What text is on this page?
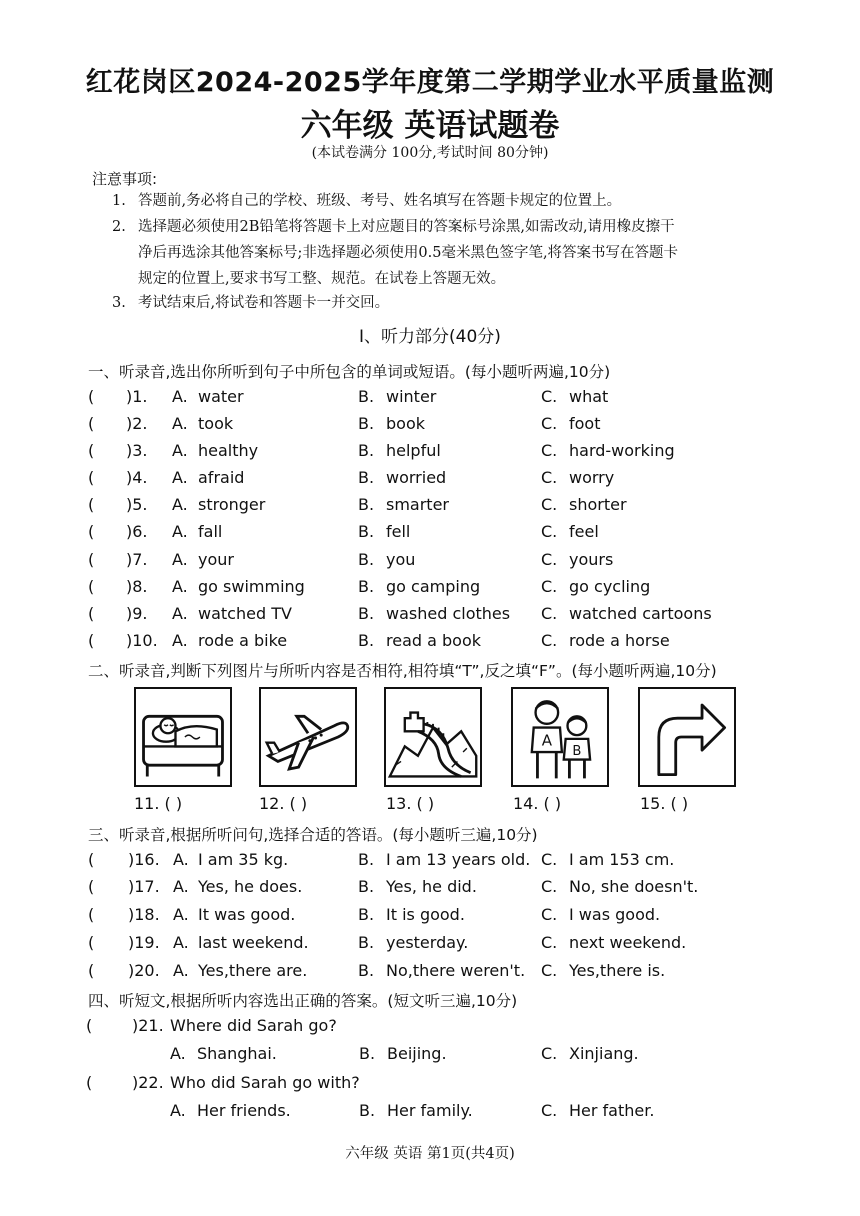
红花岗区2024-2025学年度第二学期学业水平质量监测
六年级 英语试题卷
(本试卷满分 100分,考试时间 80分钟)
注意事项:
1. 答题前,务必将自己的学校、班级、考号、姓名填写在答题卡规定的位置上。
2. 选择题必须使用2B铅笔将答题卡上对应题目的答案标号涂黑,如需改动,请用橡皮擦干
净后再选涂其他答案标号;非选择题必须使用0.5毫米黑色签字笔,将答案书写在答题卡
规定的位置上,要求书写工整、规范。在试卷上答题无效。
3. 考试结束后,将试卷和答题卡一并交回。
Ⅰ、听力部分(40分)
一、听录音,选出你所听到句子中所包含的单词或短语。(每小题听两遍,10分)
( )1. A. water	B. winter	C. what
( )2. A. took	B. book	C. foot
( )3. A. healthy	B. helpful	C. hard-working
( )4. A. afraid	B. worried	C. worry
( )5. A. stronger	B. smarter	C. shorter
( )6. A. fall	B. fell	C. feel
( )7. A. your	B. you	C. yours
( )8. A. go swimming	B. go camping	C. go cycling
( )9. A. watched TV	B. washed clothes C. watched cartoons
( )10. A. rode a bike	B. read a book	C. rode a horse
二、听录音,判断下列图片与所听内容是否相符,相符填“T”,反之填“F”。(每小题听两遍,10分)
A
B
11. ( )	12. ( )	13. ( )	14. ( )	15. ( )
三、听录音,根据所听问句,选择合适的答语。(每小题听三遍,10分)
( )16. A. I am 35 kg.	B. I am 13 years old. C. I am 153 cm.
( )17. A. Yes, he does.	B. Yes, he did.	C. No, she doesn't.
( )18. A. It was good.	B. It is good.	C. I was good.
( )19. A. last weekend.	B. yesterday.	C. next weekend.
( )20. A. Yes,there are.	B. No,there weren't. C. Yes,there is.
四、听短文,根据所听内容选出正确的答案。(短文听三遍,10分)
( )21. Where did Sarah go?
A. Shanghai.	B. Beijing.	C. Xinjiang.
( )22. Who did Sarah go with?
A. Her friends.	B. Her family.	C. Her father.
六年级 英语 第1页(共4页)
